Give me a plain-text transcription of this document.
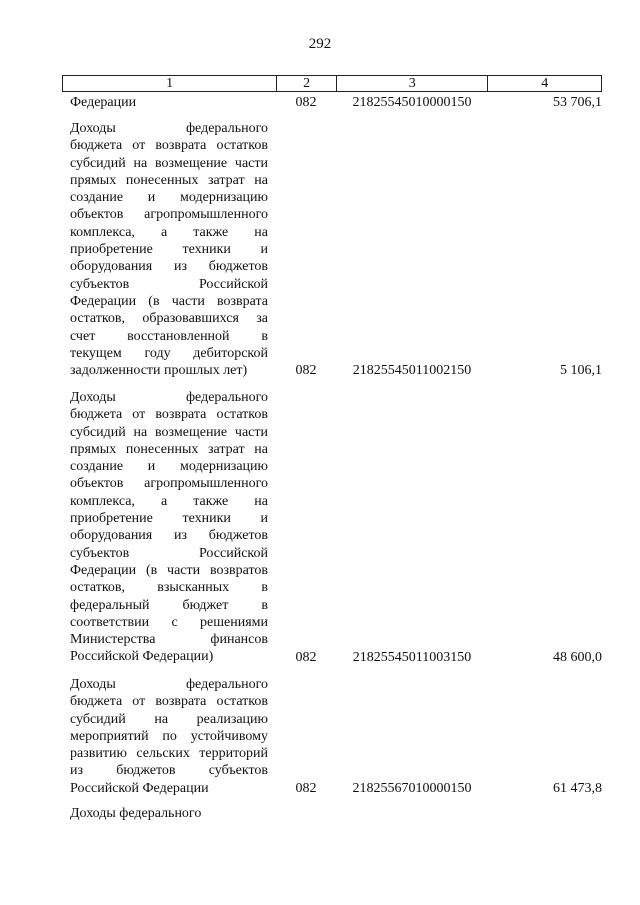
292
1	2	3	4
Федерации	082	21825545010000150	53 706,1
Доходы федерального
бюджета от возврата остатков
субсидий на возмещение части
прямых понесенных затрат на
создание и модернизацию
объектов агропромышленного
комплекса, а также на
приобретение техники и
оборудования из бюджетов
субъектов Российской
Федерации (в части возврата
остатков, образовавшихся за
счет восстановленной в
текущем году дебиторской
задолженности прошлых лет)	082	21825545011002150	5 106,1
Доходы федерального
бюджета от возврата остатков
субсидий на возмещение части
прямых понесенных затрат на
создание и модернизацию
объектов агропромышленного
комплекса, а также на
приобретение техники и
оборудования из бюджетов
субъектов Российской
Федерации (в части возвратов
остатков, взысканных в
федеральный бюджет в
соответствии с решениями
Министерства финансов
Российской Федерации)	082	21825545011003150	48 600,0
Доходы федерального
бюджета от возврата остатков
субсидий на реализацию
мероприятий по устойчивому
развитию сельских территорий
из бюджетов субъектов
Российской Федерации	082	21825567010000150	61 473,8
Доходы федерального
